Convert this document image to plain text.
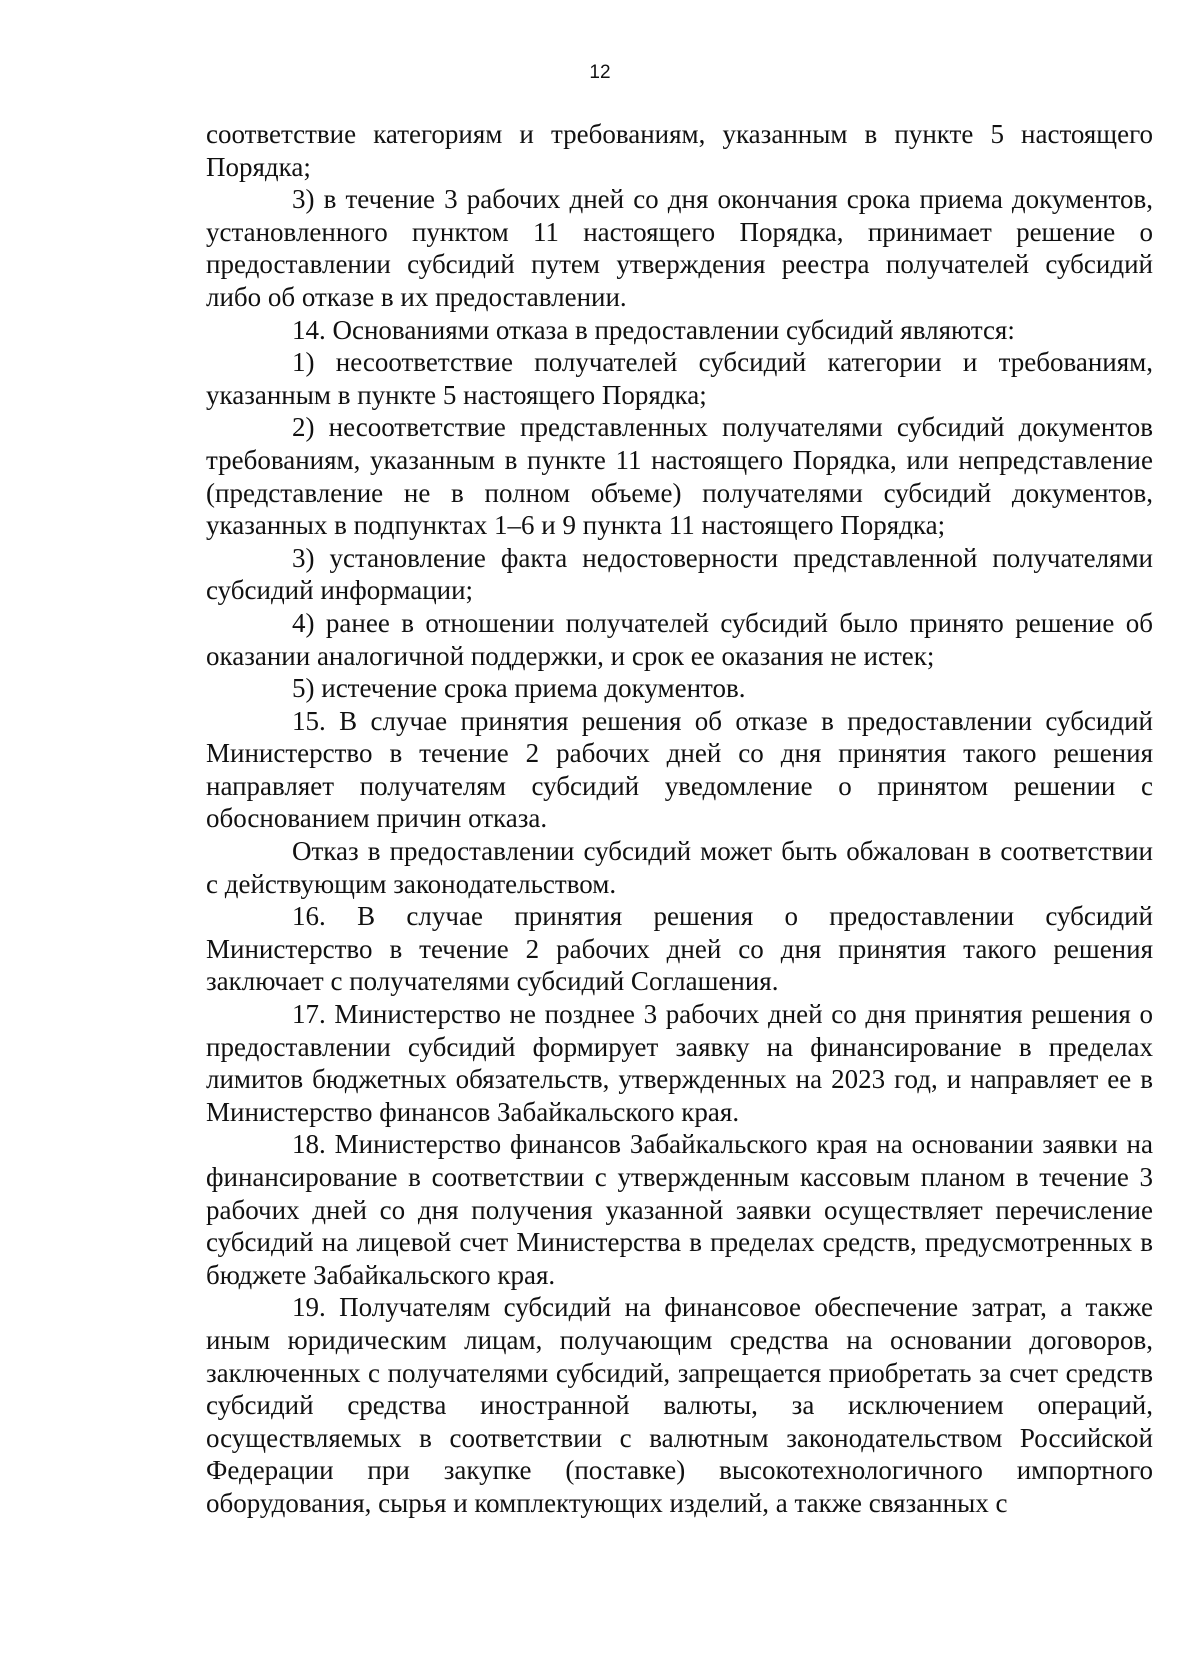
12

соответствие категориям и требованиям, указанным в пункте 5 настоящего Порядка;

3) в течение 3 рабочих дней со дня окончания срока приема документов, установленного пунктом 11 настоящего Порядка, принимает решение о предоставлении субсидий путем утверждения реестра получателей субсидий либо об отказе в их предоставлении.

14. Основаниями отказа в предоставлении субсидий являются:

1) несоответствие получателей субсидий категории и требованиям, указанным в пункте 5 настоящего Порядка;

2) несоответствие представленных получателями субсидий документов требованиям, указанным в пункте 11 настоящего Порядка, или непредставление (представление не в полном объеме) получателями субсидий документов, указанных в подпунктах 1–6 и 9 пункта 11 настоящего Порядка;

3) установление факта недостоверности представленной получателями субсидий информации;

4) ранее в отношении получателей субсидий было принято решение об оказании аналогичной поддержки, и срок ее оказания не истек;

5) истечение срока приема документов.

15. В случае принятия решения об отказе в предоставлении субсидий Министерство в течение 2 рабочих дней со дня принятия такого решения направляет получателям субсидий уведомление о принятом решении с обоснованием причин отказа.

Отказ в предоставлении субсидий может быть обжалован в соответствии с действующим законодательством.

16. В случае принятия решения о предоставлении субсидий Министерство в течение 2 рабочих дней со дня принятия такого решения заключает с получателями субсидий Соглашения.

17. Министерство не позднее 3 рабочих дней со дня принятия решения о предоставлении субсидий формирует заявку на финансирование в пределах лимитов бюджетных обязательств, утвержденных на 2023 год, и направляет ее в Министерство финансов Забайкальского края.

18. Министерство финансов Забайкальского края на основании заявки на финансирование в соответствии с утвержденным кассовым планом в течение 3 рабочих дней со дня получения указанной заявки осуществляет перечисление субсидий на лицевой счет Министерства в пределах средств, предусмотренных в бюджете Забайкальского края.

19. Получателям субсидий на финансовое обеспечение затрат, а также иным юридическим лицам, получающим средства на основании договоров, заключенных с получателями субсидий, запрещается приобретать за счет средств субсидий средства иностранной валюты, за исключением операций, осуществляемых в соответствии с валютным законодательством Российской Федерации при закупке (поставке) высокотехнологичного импортного оборудования, сырья и комплектующих изделий, а также связанных с
